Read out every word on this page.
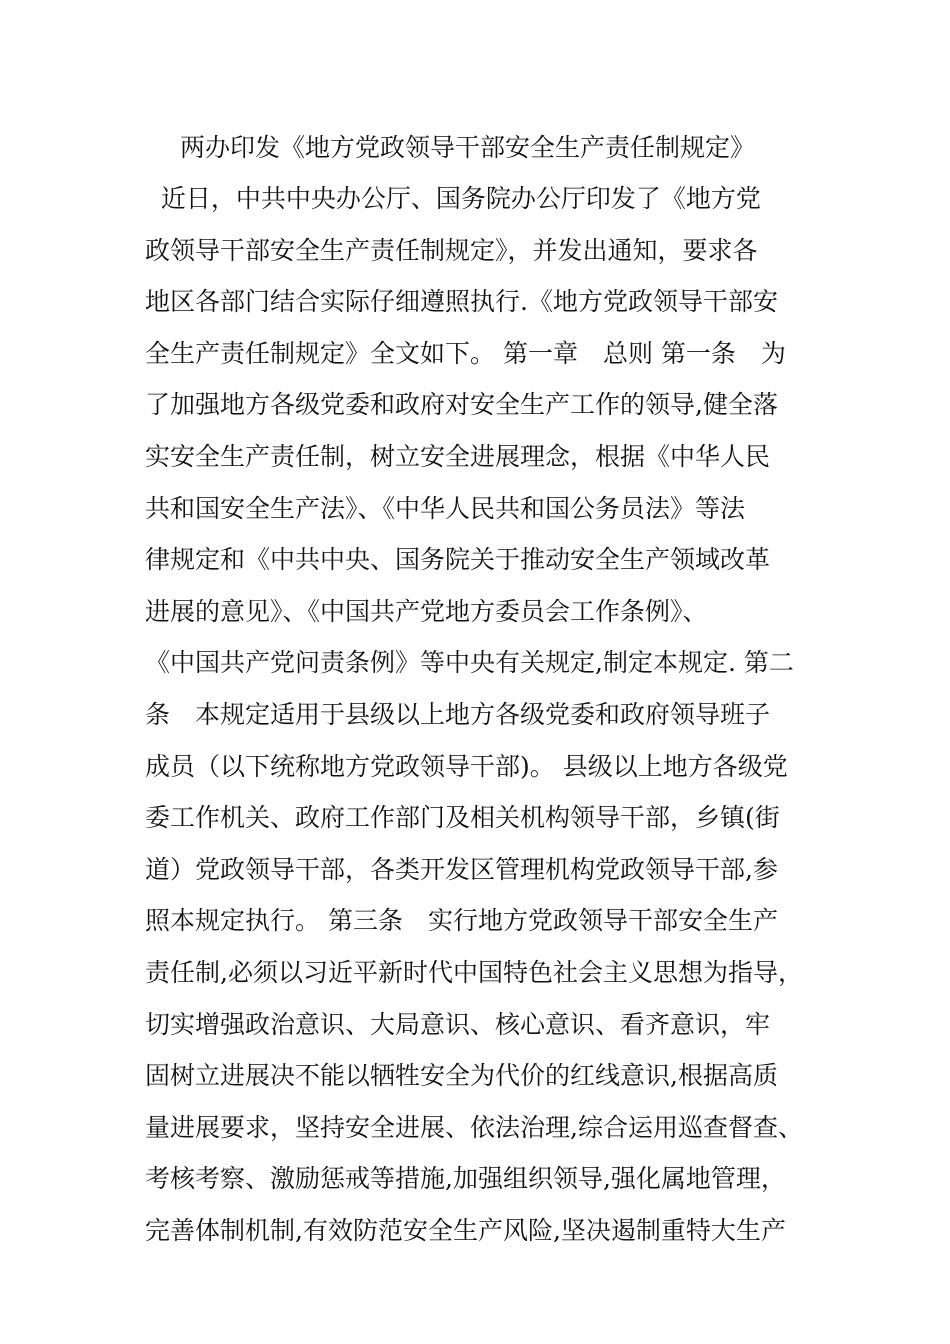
两办印发《地方党政领导干部安全生产责任制规定》
近日，中共中央办公厅、国务院办公厅印发了《地方党
政领导干部安全生产责任制规定》，并发出通知，要求各
地区各部门结合实际仔细遵照执行.《地方党政领导干部安
全生产责任制规定》全文如下。 第一章　总则 第一条　为
了加强地方各级党委和政府对安全生产工作的领导,健全落
实安全生产责任制，树立安全进展理念，根据《中华人民
共和国安全生产法》、《中华人民共和国公务员法》等法
律规定和《中共中央、国务院关于推动安全生产领域改革
进展的意见》、《中国共产党地方委员会工作条例》、
《中国共产党问责条例》等中央有关规定,制定本规定. 第二
条　本规定适用于县级以上地方各级党委和政府领导班子
成员（以下统称地方党政领导干部)。 县级以上地方各级党
委工作机关、政府工作部门及相关机构领导干部，乡镇(街
道）党政领导干部，各类开发区管理机构党政领导干部,参
照本规定执行。 第三条　实行地方党政领导干部安全生产
责任制,必须以习近平新时代中国特色社会主义思想为指导，
切实增强政治意识、大局意识、核心意识、看齐意识，牢
固树立进展决不能以牺牲安全为代价的红线意识,根据高质
量进展要求，坚持安全进展、依法治理,综合运用巡查督查、
考核考察、激励惩戒等措施,加强组织领导,强化属地管理，
完善体制机制,有效防范安全生产风险,坚决遏制重特大生产
